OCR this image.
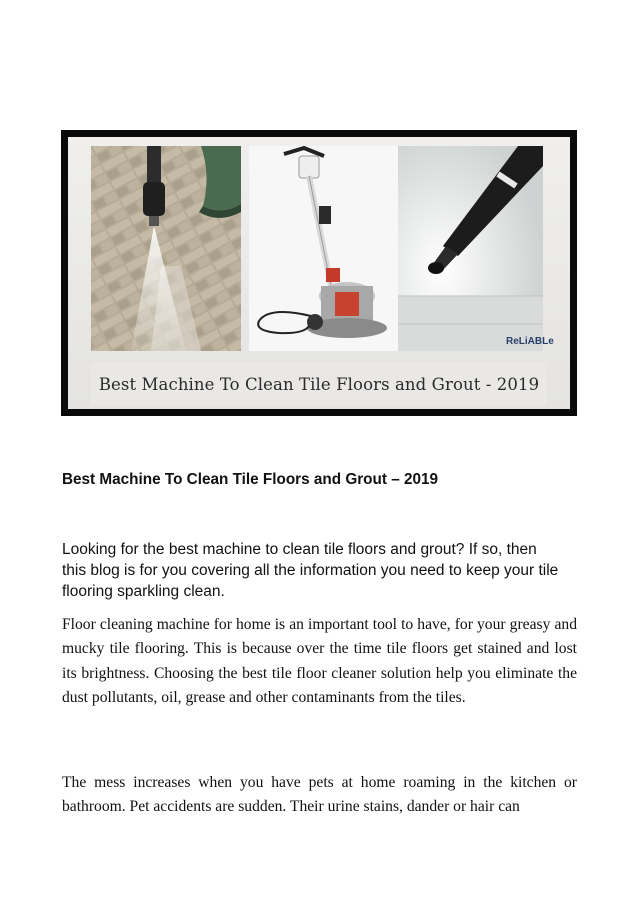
ReLiABLe
Best Machine To Clean Tile Floors and Grout - 2019
Best Machine To Clean Tile Floors and Grout – 2019

Looking for the best machine to clean tile floors and grout? If so, then this blog is for you covering all the information you need to keep your tile flooring sparkling clean.

Floor cleaning machine for home is an important tool to have, for your greasy and mucky tile flooring. This is because over the time tile floors get stained and lost its brightness. Choosing the best tile floor cleaner solution help you eliminate the dust pollutants, oil, grease and other contaminants from the tiles.

The mess increases when you have pets at home roaming in the kitchen or bathroom. Pet accidents are sudden. Their urine stains, dander or hair can
